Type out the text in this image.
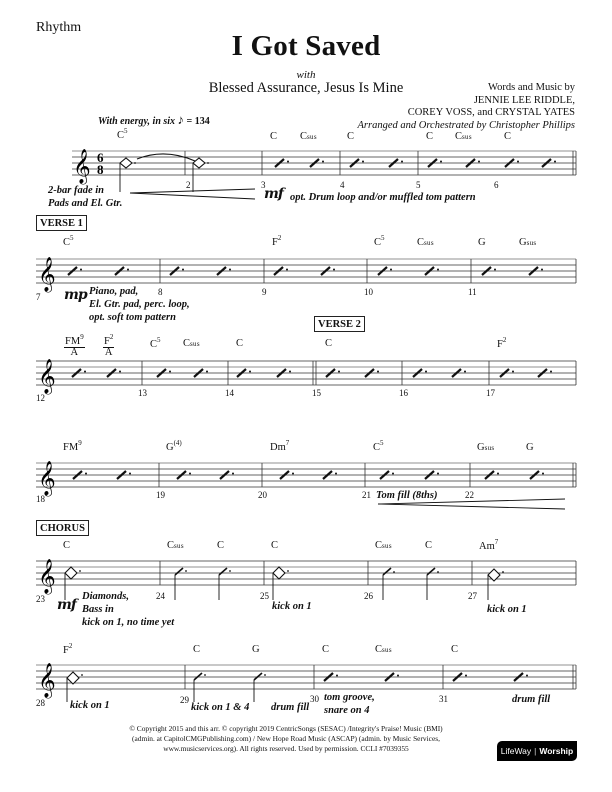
Rhythm
I Got Saved
with
Blessed Assurance, Jesus Is Mine	Words and Music by
JENNIE LEE RIDDLE,
COREY VOSS, and CRYSTAL YATES
Arranged and Orchestrated by Christopher Phillips
With energy, in six ♪ = 134
𝄞 6
8
𝄞
𝄞
𝄞
𝄞
𝄞
$C^5$	C Csus	C	C Csus	C
2	3	4	5	6
2-bar fade in
Pads and El. Gtr.
mf opt. Drum loop and/or muffled tom pattern
VERSE 1
$C^5$	$F^2$	$C^5$	Csus	G	Gsus
7	8	9	10	11
mp Piano, pad,
El. Gtr. pad, perc. loop,
opt. soft tom pattern
VERSE 2
$\frac{FM^9}{A} \frac{F^2}{A}$	$C^5$ Csus	C	C	$F^2$
12	13	14	15	16	17
$FM^9$	$G^{(4)}$	Dm$^7$	$C^5$	Gsus	G
18	19	20	21	22
Tom fill (8ths)
CHORUS
C	Csus	C	C	Csus	C	Am$^7$
23	24	25	26	27
mf
Diamonds,
Bass in
kick on 1, no time yet
kick on 1	kick on 1
$F^2$	C	G	C	Csus	C
28	29	30	31
kick on 1	kick on 1 & 4 drum fill
tom groove,
snare on 4
drum fill
© Copyright 2015 and this arr. © copyright 2019 CentricSongs (SESAC) /Integrity's Praise! Music (BMI)
(admin. at CapitolCMGPublishing.com) / New Hope Road Music (ASCAP) (admin. by Music Services,
www.musicservices.org). All rights reserved. Used by permission. CCLI #7039355	LifeWay | Worship
